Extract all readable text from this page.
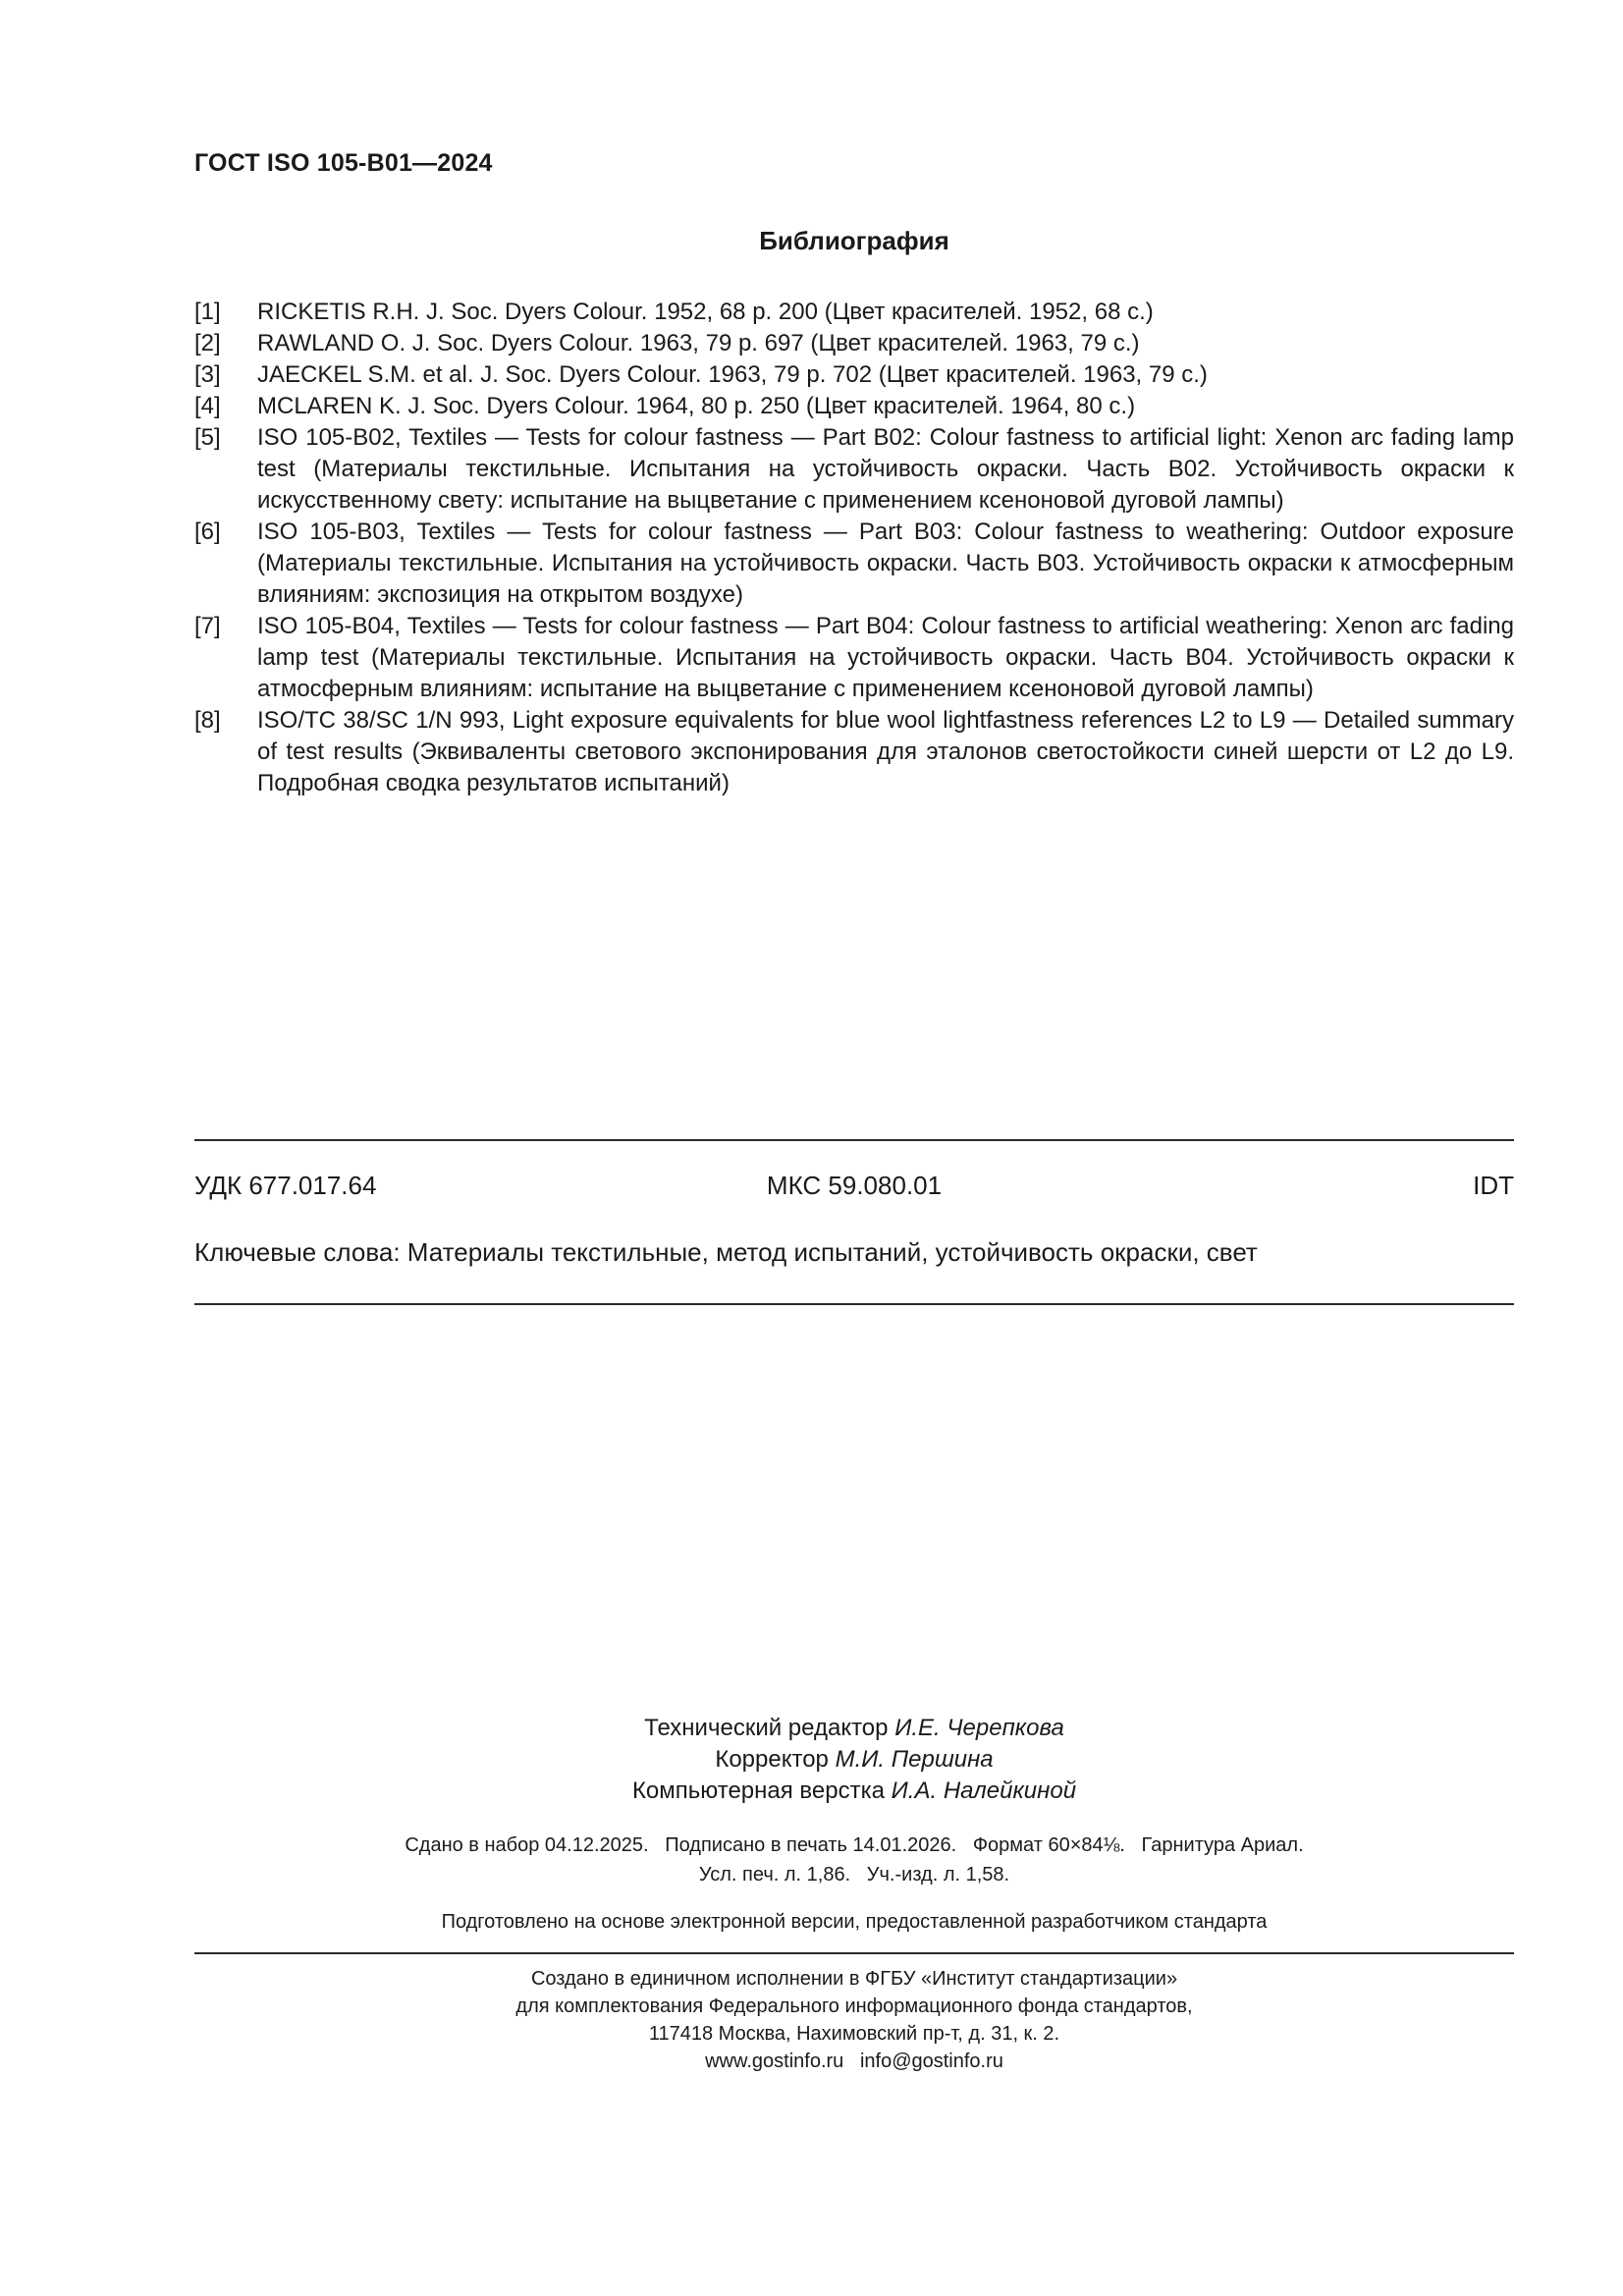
ГОСТ ISO 105-B01—2024
Библиография
[1]	RICKETIS R.H. J. Soc. Dyers Colour. 1952, 68 p. 200 (Цвет красителей. 1952, 68 с.)
[2]	RAWLAND O. J. Soc. Dyers Colour. 1963, 79 p. 697 (Цвет красителей. 1963, 79 с.)
[3]	JAECKEL S.M. et al. J. Soc. Dyers Colour. 1963, 79 p. 702 (Цвет красителей. 1963, 79 с.)
[4]	MCLAREN K. J. Soc. Dyers Colour. 1964, 80 p. 250 (Цвет красителей. 1964, 80 с.)
[5]	ISO 105-B02, Textiles — Tests for colour fastness — Part B02: Colour fastness to artificial light: Xenon arc fading lamp test (Материалы текстильные. Испытания на устойчивость окраски. Часть B02. Устойчивость окраски к искусственному свету: испытание на выцветание с применением ксеноновой дуговой лампы)
[6]	ISO 105-B03, Textiles — Tests for colour fastness — Part B03: Colour fastness to weathering: Outdoor exposure (Материалы текстильные. Испытания на устойчивость окраски. Часть B03. Устойчивость окраски к атмосферным влияниям: экспозиция на открытом воздухе)
[7]	ISO 105-B04, Textiles — Tests for colour fastness — Part B04: Colour fastness to artificial weathering: Xenon arc fading lamp test (Материалы текстильные. Испытания на устойчивость окраски. Часть B04. Устойчивость окраски к атмосферным влияниям: испытание на выцветание с применением ксеноновой дуговой лампы)
[8]	ISO/TC 38/SC 1/N 993, Light exposure equivalents for blue wool lightfastness references L2 to L9 — Detailed summary of test results (Эквиваленты светового экспонирования для эталонов светостойкости синей шерсти от L2 до L9. Подробная сводка результатов испытаний)
УДК 677.017.64	МКС 59.080.01	IDT
Ключевые слова: Материалы текстильные, метод испытаний, устойчивость окраски, свет
Технический редактор И.Е. Черепкова
Корректор М.И. Першина
Компьютерная верстка И.А. Налейкиной
Сдано в набор 04.12.2025.   Подписано в печать 14.01.2026.   Формат 60×84⅛.   Гарнитура Ариал.
Усл. печ. л. 1,86.   Уч.-изд. л. 1,58.
Подготовлено на основе электронной версии, предоставленной разработчиком стандарта
Создано в единичном исполнении в ФГБУ «Институт стандартизации»
для комплектования Федерального информационного фонда стандартов,
117418 Москва, Нахимовский пр-т, д. 31, к. 2.
www.gostinfo.ru   info@gostinfo.ru
